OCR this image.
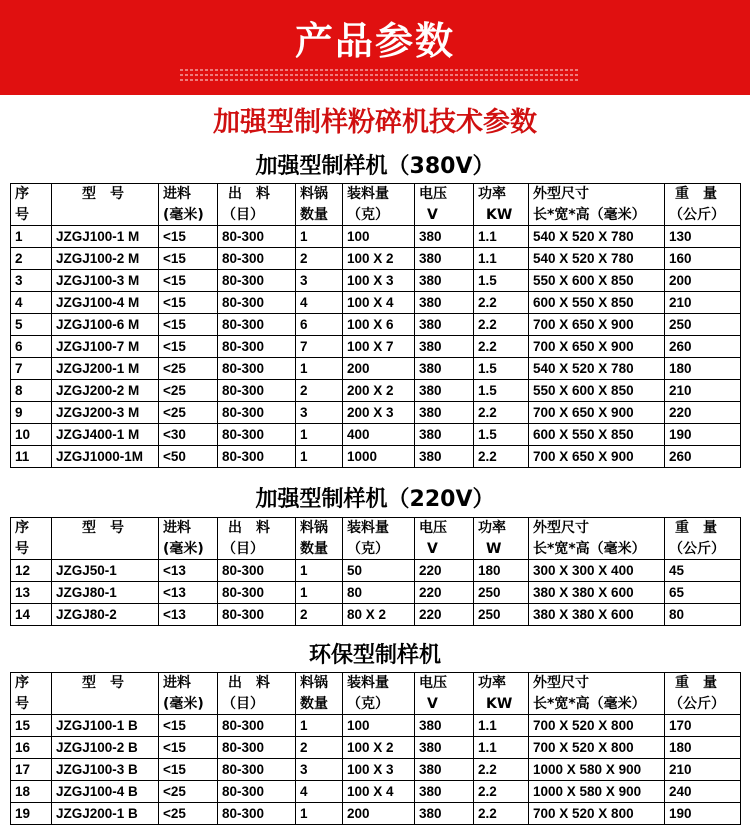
产品参数
加强型制样粉碎机技术参数
加强型制样机（380V）
序	型　号	进料	出　料	料锅	装料量	电压	功率	外型尺寸	重　量
号		(毫米)	（目）	数量	（克）	V	KW	长*宽*高（毫米）	（公斤）
1	JZGJ100-1 M	<15	80-300	1	100	380	1.1	540 X 520 X 780	130
2	JZGJ100-2 M	<15	80-300	2	100 X 2	380	1.1	540 X 520 X 780	160
3	JZGJ100-3 M	<15	80-300	3	100 X 3	380	1.5	550 X 600 X 850	200
4	JZGJ100-4 M	<15	80-300	4	100 X 4	380	2.2	600 X 550 X 850	210
5	JZGJ100-6 M	<15	80-300	6	100 X 6	380	2.2	700 X 650 X 900	250
6	JZGJ100-7 M	<15	80-300	7	100 X 7	380	2.2	700 X 650 X 900	260
7	JZGJ200-1 M	<25	80-300	1	200	380	1.5	540 X 520 X 780	180
8	JZGJ200-2 M	<25	80-300	2	200 X 2	380	1.5	550 X 600 X 850	210
9	JZGJ200-3 M	<25	80-300	3	200 X 3	380	2.2	700 X 650 X 900	220
10	JZGJ400-1 M	<30	80-300	1	400	380	1.5	600 X 550 X 850	190
11	JZGJ1000-1M	<50	80-300	1	1000	380	2.2	700 X 650 X 900	260
加强型制样机（220V）
序	型　号	进料	出　料	料锅	装料量	电压	功率	外型尺寸	重　量
号		(毫米)	（目）	数量	（克）	V	W	长*宽*高（毫米）	（公斤）
12	JZGJ50-1	<13	80-300	1	50	220	180	300 X 300 X 400	45
13	JZGJ80-1	<13	80-300	1	80	220	250	380 X 380 X 600	65
14	JZGJ80-2	<13	80-300	2	80 X 2	220	250	380 X 380 X 600	80
环保型制样机
序	型　号	进料	出　料	料锅	装料量	电压	功率	外型尺寸	重　量
号		(毫米)	（目）	数量	（克）	V	KW	长*宽*高（毫米）	（公斤）
15	JZGJ100-1 B	<15	80-300	1	100	380	1.1	700 X 520 X 800	170
16	JZGJ100-2 B	<15	80-300	2	100 X 2	380	1.1	700 X 520 X 800	180
17	JZGJ100-3 B	<15	80-300	3	100 X 3	380	2.2	1000 X 580 X 900	210
18	JZGJ100-4 B	<25	80-300	4	100 X 4	380	2.2	1000 X 580 X 900	240
19	JZGJ200-1 B	<25	80-300	1	200	380	2.2	700 X 520 X 800	190
